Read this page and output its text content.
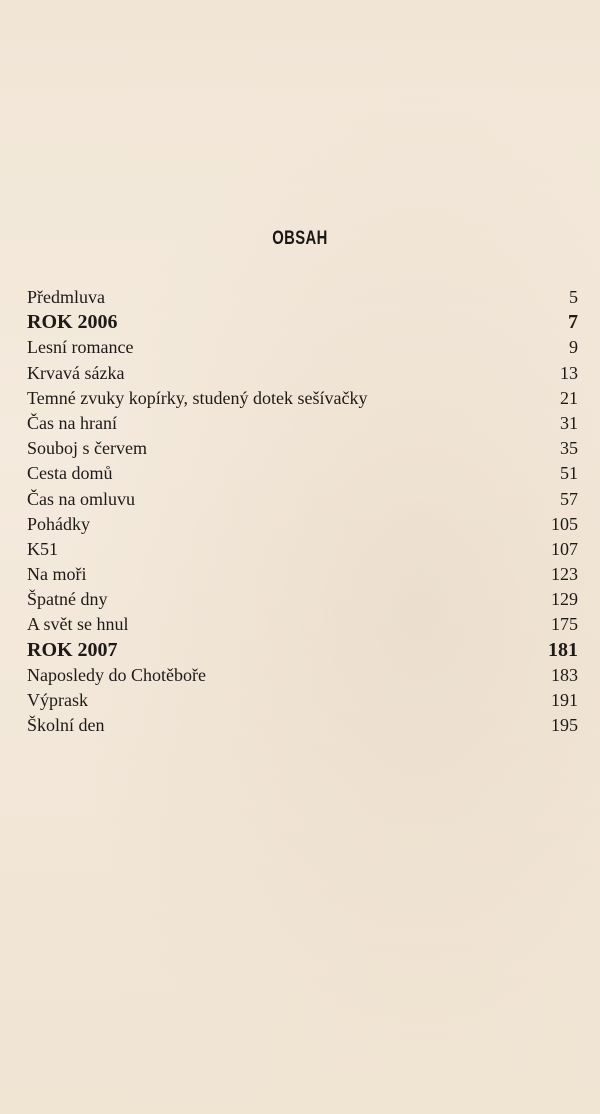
OBSAH
Předmluva	5
ROK 2006	7
Lesní romance	9
Krvavá sázka	13
Temné zvuky kopírky, studený dotek sešívačky	21
Čas na hraní	31
Souboj s červem	35
Cesta domů	51
Čas na omluvu	57
Pohádky	105
K51	107
Na moři	123
Špatné dny	129
A svět se hnul	175
ROK 2007	181
Naposledy do Chotěboře	183
Výprask	191
Školní den	195
